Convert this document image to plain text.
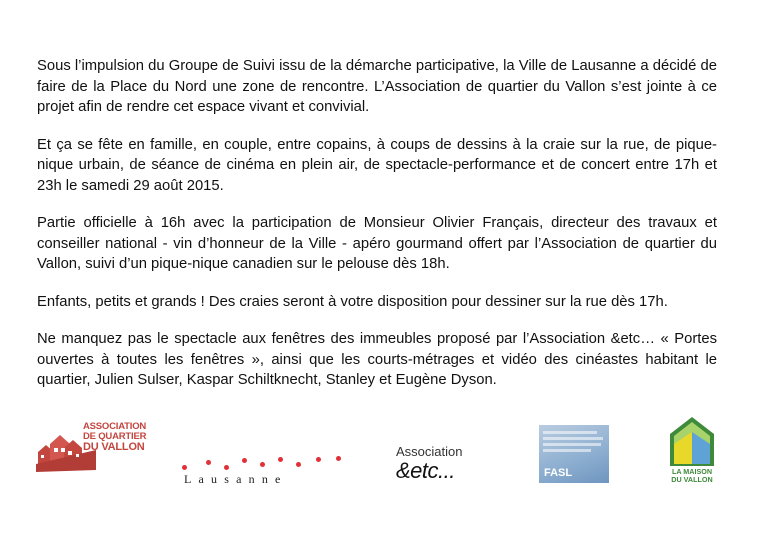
Sous l’impulsion du Groupe de Suivi issu de la démarche participative, la Ville de Lausanne a décidé de faire de la Place du Nord une zone de rencontre. L’Association de quartier du Vallon s’est jointe à ce projet afin de rendre cet espace vivant et convivial.

Et ça se fête en famille, en couple, entre copains, à coups de dessins à la craie sur la rue, de pique-nique urbain, de séance de cinéma en plein air, de spectacle-performance et de concert entre 17h et 23h le samedi 29 août 2015.

Partie officielle à 16h avec la participation de Monsieur Olivier Français, directeur des travaux et conseiller national - vin d’honneur de la Ville - apéro gourmand offert par l’Association de quartier du Vallon, suivi d’un pique-nique canadien sur le pelouse dès 18h.

Enfants, petits et grands ! Des craies seront à votre disposition pour dessiner sur la rue dès 17h.

Ne manquez pas le spectacle aux fenêtres des immeubles proposé par l’Association &etc… « Portes ouvertes à toutes les fenêtres », ainsi que les courts-métrages et vidéo des cinéastes habitant le quartier, Julien Sulser, Kaspar Schiltknecht, Stanley et Eugène Dyson.

ASSOCIATION
DE QUARTIER
DU VALLON
Lausanne
Association
&etc...	FASL	LA MAISON
DU VALLON
